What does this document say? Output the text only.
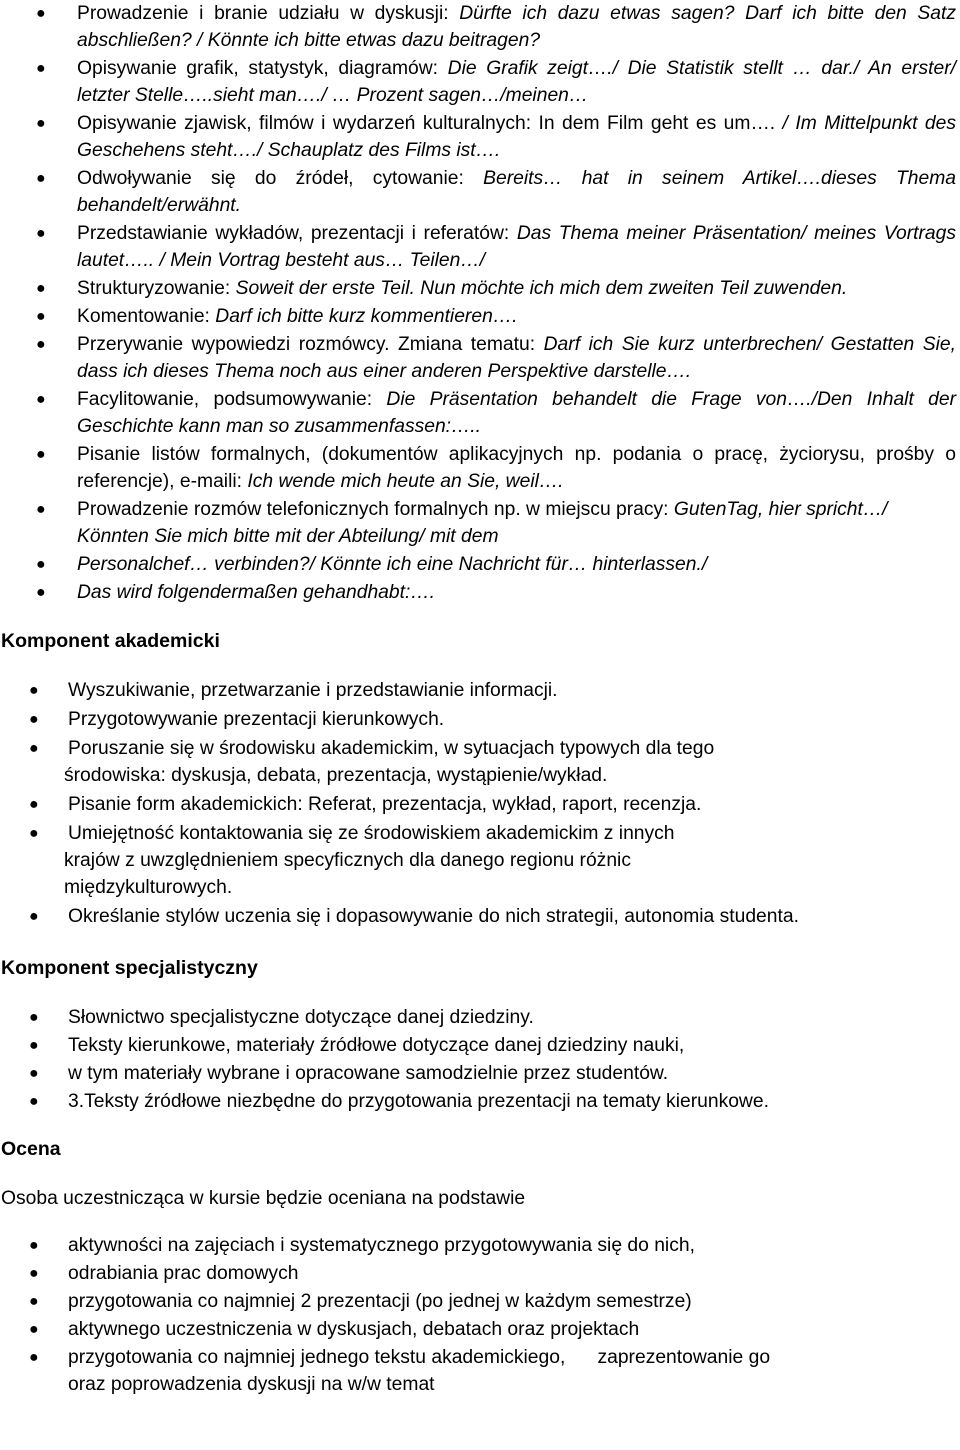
● Prowadzenie i branie udziału w dyskusji: Dürfte ich dazu etwas sagen? Darf ich bitte den Satz abschließen? / Könnte ich bitte etwas dazu beitragen?
● Opisywanie grafik, statystyk, diagramów: Die Grafik zeigt…./ Die Statistik stellt … dar./ An erster/ letzter Stelle…..sieht man…./ … Prozent sagen…/meinen…
● Opisywanie zjawisk, filmów i wydarzeń kulturalnych: In dem Film geht es um…. / Im Mittelpunkt des Geschehens steht…./ Schauplatz des Films ist….
● Odwoływanie się do źródeł, cytowanie: Bereits… hat in seinem Artikel….dieses Thema behandelt/erwähnt.
● Przedstawianie wykładów, prezentacji i referatów: Das Thema meiner Präsentation/ meines Vortrags lautet….. / Mein Vortrag besteht aus… Teilen…/
● Strukturyzowanie: Soweit der erste Teil. Nun möchte ich mich dem zweiten Teil zuwenden.
● Komentowanie: Darf ich bitte kurz kommentieren….
● Przerywanie wypowiedzi rozmówcy. Zmiana tematu: Darf ich Sie kurz unterbrechen/ Gestatten Sie, dass ich dieses Thema noch aus einer anderen Perspektive darstelle….
● Facylitowanie, podsumowywanie: Die Präsentation behandelt die Frage von…./Den Inhalt der Geschichte kann man so zusammenfassen:…..
● Pisanie listów formalnych, (dokumentów aplikacyjnych np. podania o pracę, życiorysu, prośby o referencje), e-maili: Ich wende mich heute an Sie, weil….
● Prowadzenie rozmów telefonicznych formalnych np. w miejscu pracy: GutenTag, hier spricht…/ Könnten Sie mich bitte mit der Abteilung/ mit dem
● Personalchef… verbinden?/ Könnte ich eine Nachricht für… hinterlassen./
● Das wird folgendermaßen gehandhabt:….
Komponent akademicki
● Wyszukiwanie, przetwarzanie i przedstawianie informacji.
● Przygotowywanie prezentacji kierunkowych.
● Poruszanie się w środowisku akademickim, w sytuacjach typowych dla tego
środowiska: dyskusja, debata, prezentacja, wystąpienie/wykład.
● Pisanie form akademickich: Referat, prezentacja, wykład, raport, recenzja.
● Umiejętność kontaktowania się ze środowiskiem akademickim z innych
krajów z uwzględnieniem specyficznych dla danego regionu różnic
międzykulturowych.
● Określanie stylów uczenia się i dopasowywanie do nich strategii, autonomia studenta.
Komponent specjalistyczny
● Słownictwo specjalistyczne dotyczące danej dziedziny.
● Teksty kierunkowe, materiały źródłowe dotyczące danej dziedziny nauki,
● w tym materiały wybrane i opracowane samodzielnie przez studentów.
● 3.Teksty źródłowe niezbędne do przygotowania prezentacji na tematy kierunkowe.
Ocena

Osoba uczestnicząca w kursie będzie oceniana na podstawie

● aktywności na zajęciach i systematycznego przygotowywania się do nich,
● odrabiania prac domowych
● przygotowania co najmniej 2 prezentacji (po jednej w każdym semestrze)
● aktywnego uczestniczenia w dyskusjach, debatach oraz projektach
● przygotowania co najmniej jednego tekstu akademickiego,      zaprezentowanie go
oraz poprowadzenia dyskusji na w/w temat
